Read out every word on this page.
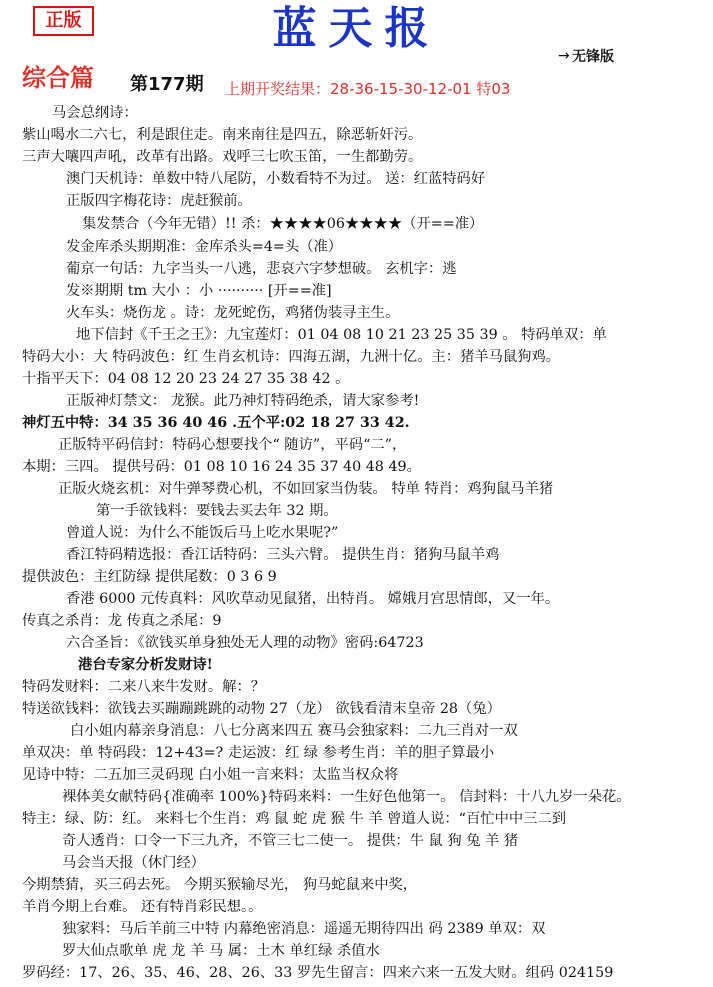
正版	蓝天报
→ 无锋版
综合篇 第177期 上期开奖结果：28-36-15-30-12-01 特03
马会总纲诗：
紫山喝水二六七，利是跟住走。南来南往是四五，除恶斩奸污。
三声大嚷四声吼，改革有出路。戏呼三七吹玉笛，一生都勤劳。
澳门天机诗：单数中特八尾防，小数看特不为过。 送：红蓝特码好
正版四字梅花诗：虎赶猴前。
集发禁合（今年无错）!! 杀：★★★★06★★★★（开==准）
发金库杀头期期准：金库杀头=4=头（准）
葡京一句话：九字当头一八逃，悲哀六字梦想破。 玄机字：逃
发※期期 tm 大小 ：小 ·········· [开==准]
火车头：烧伤龙 。诗：龙死蛇伤，鸡猪伪装寻主生。
地下信封《千王之王》：九宝莲灯：01 04 08 10 21 23 25 35 39 。 特码单双：单
特码大小：大 特码波色：红 生肖玄机诗：四海五湖，九洲十亿。主：猪羊马鼠狗鸡。
十指平天下：04 08 12 20 23 24 27 35 38 42 。
正版神灯禁文： 龙猴。此乃神灯特码绝杀，请大家参考!
神灯五中特：34 35 36 40 46 .五个平:02 18 27 33 42.
正版特平码信封：特码心想要找个“ 随访”，平码“二”，
本期：三四。 提供号码：01 08 10 16 24 35 37 40 48 49。
正版火烧玄机：对牛弹琴费心机，不如回家当伪装。 特单 特肖：鸡狗鼠马羊猪
第一手欲钱料：要钱去买去年 32 期。
曾道人说：为什么不能饭后马上吃水果呢?”
香江特码精选报：香江话特码：三头六臂。 提供生肖：猪狗马鼠羊鸡
提供波色：主红防绿 提供尾数：0 3 6 9
香港 6000 元传真料：风吹草动见鼠猪，出特肖。 嫦娥月宫思情郎，又一年。
传真之杀肖：龙 传真之杀尾：9
六合圣旨：《欲钱买单身独处无人理的动物》密码:64723
港台专家分析发财诗!
特码发财料：二来八来牛发财。解：？
特送欲钱料：欲钱去买蹦蹦跳跳的动物 27（龙） 欲钱看清末皇帝 28（兔）
白小姐内幕亲身消息：八七分离来四五 赛马会独家料：二九三肖对一双
单双决：单 特码段：12+43=? 走运波：红 绿 参考生肖：羊的胆子算最小
见诗中特：二五加三灵码现 白小姐一言来料：太监当权众将
裸体美女献特码{准确率 100%}特码来料：一生好色他第一。 信封料：十八九岁一朵花。
特主：绿、防：红。 来料七个生肖：鸡 鼠 蛇 虎 猴 牛 羊 曾道人说：“百忙中中三二到
奇人透肖：口令一下三九齐，不管三七二使一。 提供：牛 鼠 狗 兔 羊 猪
马会当天报（休门经）
今期禁猜，买三码去死。 今期买猴输尽光， 狗马蛇鼠来中奖，
羊肖今期上台难。 还有特肖彩民想。。
独家料：马后羊前三中特 内幕绝密消息：遥遥无期待四出 码 2389 单双：双
罗大仙点歌单 虎 龙 羊 马 属：土木 单红绿 杀值水
罗码经：17、26、35、46、28、26、33 罗先生留言：四来六来一五发大财。组码 024159
